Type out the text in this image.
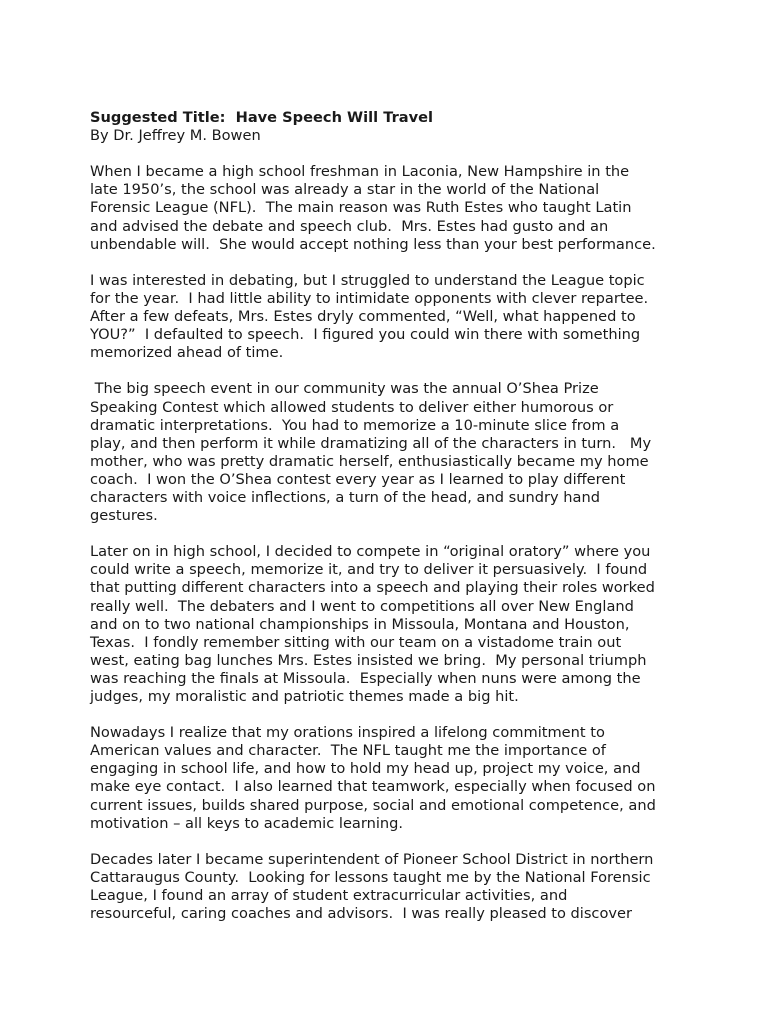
Suggested Title:  Have Speech Will Travel
By Dr. Jeffrey M. Bowen
When I became a high school freshman in Laconia, New Hampshire in the
late 1950’s, the school was already a star in the world of the National
Forensic League (NFL).  The main reason was Ruth Estes who taught Latin
and advised the debate and speech club.  Mrs. Estes had gusto and an
unbendable will.  She would accept nothing less than your best performance.
I was interested in debating, but I struggled to understand the League topic
for the year.  I had little ability to intimidate opponents with clever repartee.
After a few defeats, Mrs. Estes dryly commented, “Well, what happened to
YOU?”  I defaulted to speech.  I figured you could win there with something
memorized ahead of time.
The big speech event in our community was the annual O’Shea Prize
Speaking Contest which allowed students to deliver either humorous or
dramatic interpretations.  You had to memorize a 10-minute slice from a
play, and then perform it while dramatizing all of the characters in turn.   My
mother, who was pretty dramatic herself, enthusiastically became my home
coach.  I won the O’Shea contest every year as I learned to play different
characters with voice inflections, a turn of the head, and sundry hand
gestures.
Later on in high school, I decided to compete in “original oratory” where you
could write a speech, memorize it, and try to deliver it persuasively.  I found
that putting different characters into a speech and playing their roles worked
really well.  The debaters and I went to competitions all over New England
and on to two national championships in Missoula, Montana and Houston,
Texas.  I fondly remember sitting with our team on a vistadome train out
west, eating bag lunches Mrs. Estes insisted we bring.  My personal triumph
was reaching the finals at Missoula.  Especially when nuns were among the
judges, my moralistic and patriotic themes made a big hit.
Nowadays I realize that my orations inspired a lifelong commitment to
American values and character.  The NFL taught me the importance of
engaging in school life, and how to hold my head up, project my voice, and
make eye contact.  I also learned that teamwork, especially when focused on
current issues, builds shared purpose, social and emotional competence, and
motivation – all keys to academic learning.
Decades later I became superintendent of Pioneer School District in northern
Cattaraugus County.  Looking for lessons taught me by the National Forensic
League, I found an array of student extracurricular activities, and
resourceful, caring coaches and advisors.  I was really pleased to discover
